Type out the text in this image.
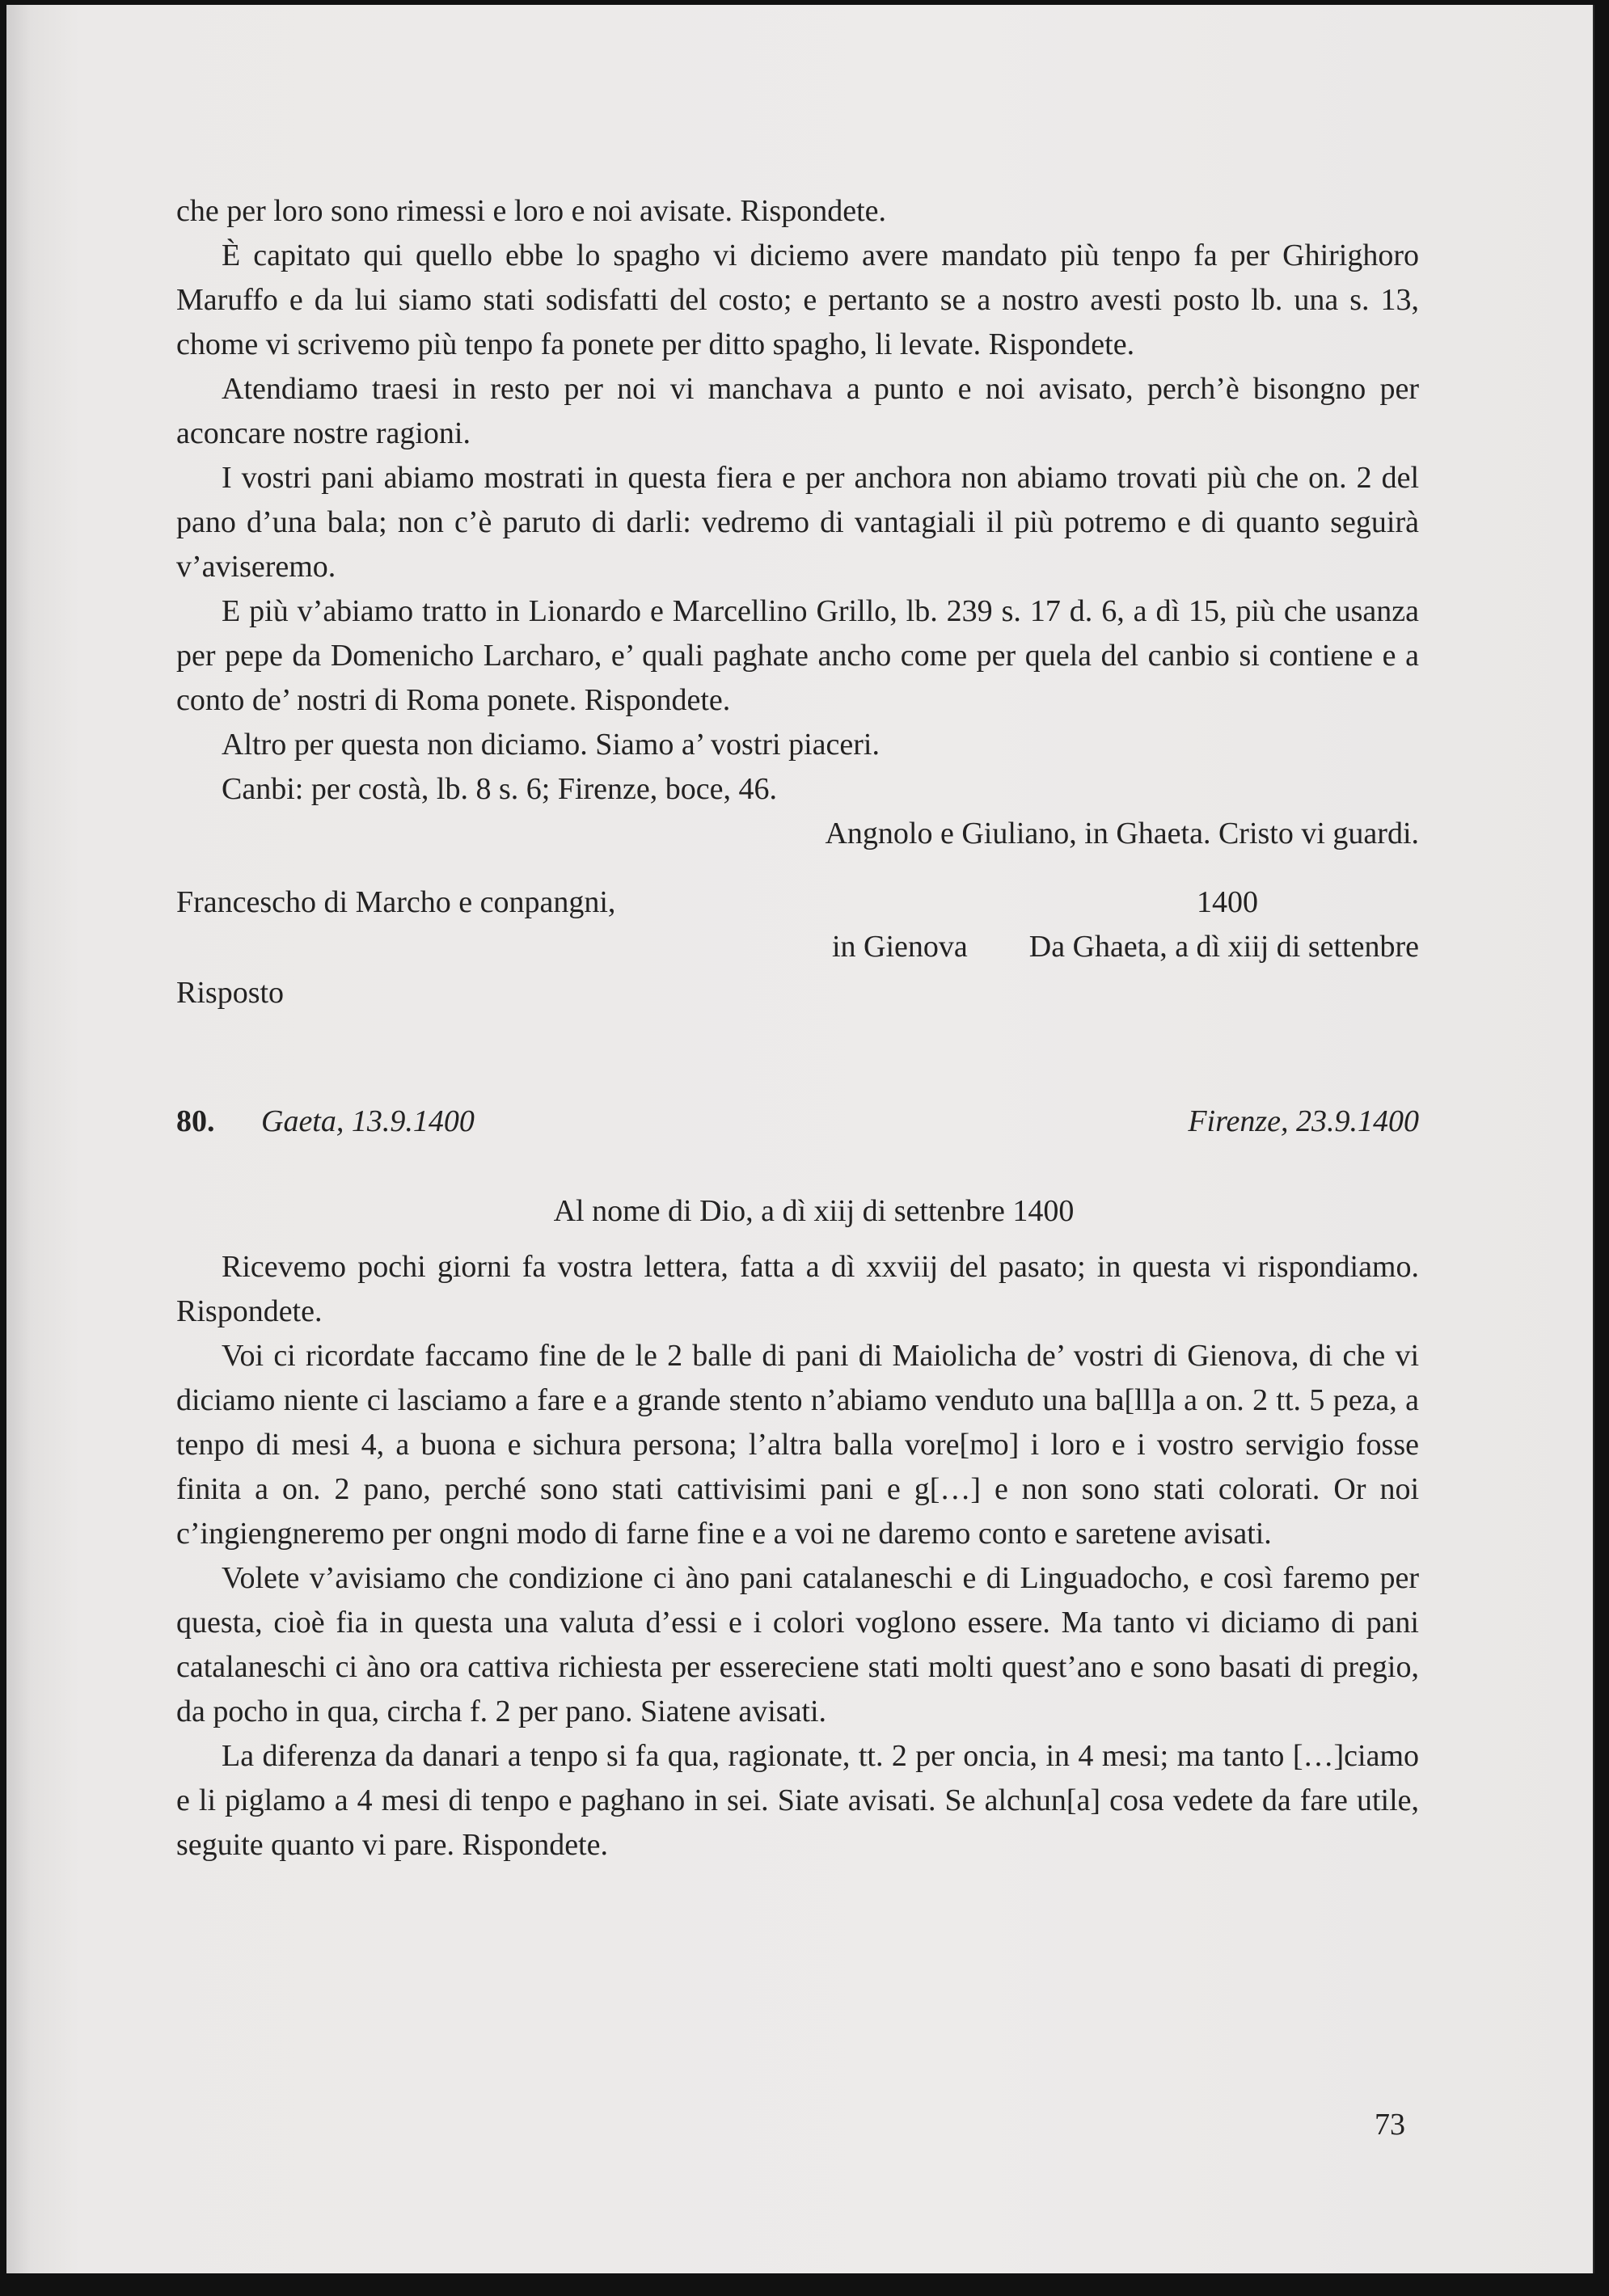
che per loro sono rimessi e loro e noi avisate. Rispondete.

È capitato qui quello ebbe lo spagho vi diciemo avere mandato più tenpo fa per Ghirighoro Maruffo e da lui siamo stati sodisfatti del costo; e pertanto se a nostro avesti posto lb. una s. 13, chome vi scrivemo più tenpo fa ponete per ditto spagho, li levate. Rispondete.

Atendiamo traesi in resto per noi vi manchava a punto e noi avisato, perch’è bisongno per aconcare nostre ragioni.

I vostri pani abiamo mostrati in questa fiera e per anchora non abiamo trovati più che on. 2 del pano d’una bala; non c’è paruto di darli: vedremo di vantagiali il più potremo e di quanto seguirà v’aviseremo.

E più v’abiamo tratto in Lionardo e Marcellino Grillo, lb. 239 s. 17 d. 6, a dì 15, più che usanza per pepe da Domenicho Larcharo, e’ quali paghate ancho come per quela del canbio si contiene e a conto de’ nostri di Roma ponete. Rispondete.

Altro per questa non diciamo. Siamo a’ vostri piaceri.

Canbi: per costà, lb. 8 s. 6; Firenze, boce, 46.

Angnolo e Giuliano, in Ghaeta. Cristo vi guardi.
Francescho di Marcho e conpangni,	1400
in Gienova Da Ghaeta, a dì xiij di settenbre
Risposto
80. Gaeta, 13.9.1400	Firenze, 23.9.1400
Al nome di Dio, a dì xiij di settenbre 1400

Ricevemo pochi giorni fa vostra lettera, fatta a dì xxviij del pasato; in questa vi rispondiamo. Rispondete.

Voi ci ricordate faccamo fine de le 2 balle di pani di Maiolicha de’ vostri di Gienova, di che vi diciamo niente ci lasciamo a fare e a grande stento n’abiamo venduto una ba[ll]a a on. 2 tt. 5 peza, a tenpo di mesi 4, a buona e sichura persona; l’altra balla vore[mo] i loro e i vostro servigio fosse finita a on. 2 pano, perché sono stati cattivisimi pani e g[…] e non sono stati colorati. Or noi c’ingiengneremo per ongni modo di farne fine e a voi ne daremo conto e saretene avisati.

Volete v’avisiamo che condizione ci àno pani catalaneschi e di Linguadocho, e così faremo per questa, cioè fia in questa una valuta d’essi e i colori voglono essere. Ma tanto vi diciamo di pani catalaneschi ci àno ora cattiva richiesta per essereciene stati molti quest’ano e sono basati di pregio, da pocho in qua, circha f. 2 per pano. Siatene avisati.

La diferenza da danari a tenpo si fa qua, ragionate, tt. 2 per oncia, in 4 mesi; ma tanto […]ciamo e li piglamo a 4 mesi di tenpo e paghano in sei. Siate avisati. Se alchun[a] cosa vedete da fare utile, seguite quanto vi pare. Rispondete.

73
